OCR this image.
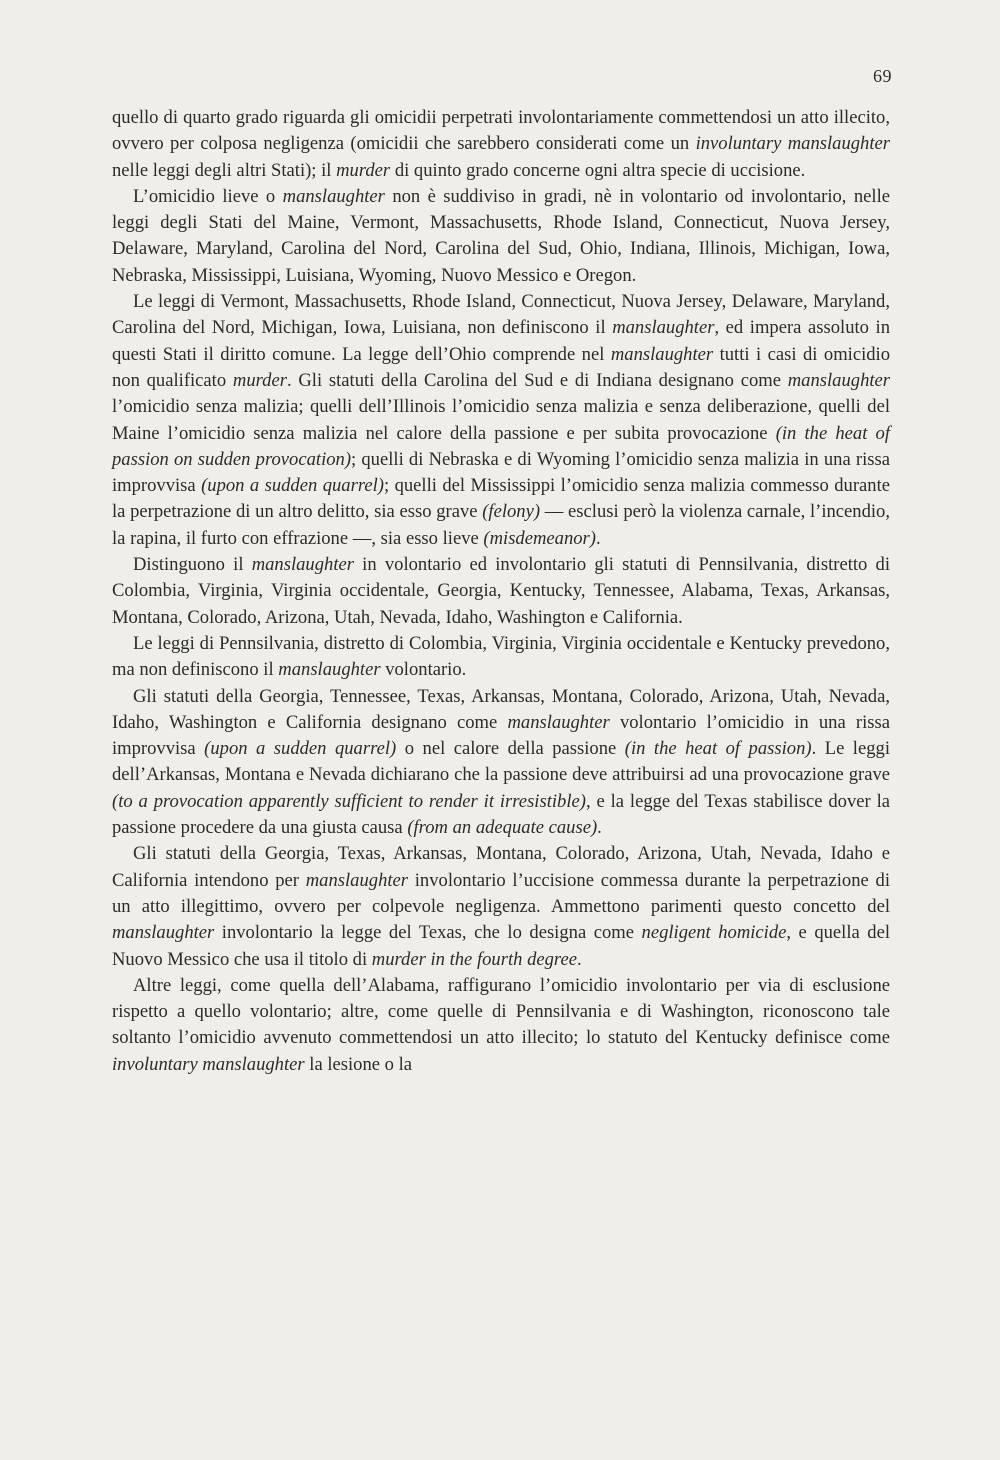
69

quello di quarto grado riguarda gli omicidii perpetrati involontariamente commettendosi un atto illecito, ovvero per colposa negligenza (omicidii che sarebbero considerati come un involuntary manslaughter nelle leggi degli altri Stati); il murder di quinto grado concerne ogni altra specie di uccisione.

L’omicidio lieve o manslaughter non è suddiviso in gradi, nè in volontario od involontario, nelle leggi degli Stati del Maine, Vermont, Massachusetts, Rhode Island, Connecticut, Nuova Jersey, Delaware, Maryland, Carolina del Nord, Carolina del Sud, Ohio, Indiana, Illinois, Michigan, Iowa, Nebraska, Mississippi, Luisiana, Wyoming, Nuovo Messico e Oregon.

Le leggi di Vermont, Massachusetts, Rhode Island, Connecticut, Nuova Jersey, Delaware, Maryland, Carolina del Nord, Michigan, Iowa, Luisiana, non definiscono il manslaughter, ed impera assoluto in questi Stati il diritto comune. La legge dell’Ohio comprende nel manslaughter tutti i casi di omicidio non qualificato murder. Gli statuti della Carolina del Sud e di Indiana designano come manslaughter l’omicidio senza malizia; quelli dell’Illinois l’omicidio senza malizia e senza deliberazione, quelli del Maine l’omicidio senza malizia nel calore della passione e per subita provocazione (in the heat of passion on sudden provocation); quelli di Nebraska e di Wyoming l’omicidio senza malizia in una rissa improvvisa (upon a sudden quarrel); quelli del Mississippi l’omicidio senza malizia commesso durante la perpetrazione di un altro delitto, sia esso grave (felony) — esclusi però la violenza carnale, l’incendio, la rapina, il furto con effrazione —, sia esso lieve (misdemeanor).

Distinguono il manslaughter in volontario ed involontario gli statuti di Pennsilvania, distretto di Colombia, Virginia, Virginia occidentale, Georgia, Kentucky, Tennessee, Alabama, Texas, Arkansas, Montana, Colorado, Arizona, Utah, Nevada, Idaho, Washington e California.

Le leggi di Pennsilvania, distretto di Colombia, Virginia, Virginia occidentale e Kentucky prevedono, ma non definiscono il manslaughter volontario.

Gli statuti della Georgia, Tennessee, Texas, Arkansas, Montana, Colorado, Arizona, Utah, Nevada, Idaho, Washington e California designano come manslaughter volontario l’omicidio in una rissa improvvisa (upon a sudden quarrel) o nel calore della passione (in the heat of passion). Le leggi dell’Arkansas, Montana e Nevada dichiarano che la passione deve attribuirsi ad una provocazione grave (to a provocation apparently sufficient to render it irresistible), e la legge del Texas stabilisce dover la passione procedere da una giusta causa (from an adequate cause).

Gli statuti della Georgia, Texas, Arkansas, Montana, Colorado, Arizona, Utah, Nevada, Idaho e California intendono per manslaughter involontario l’uccisione commessa durante la perpetrazione di un atto illegittimo, ovvero per colpevole negligenza. Ammettono parimenti questo concetto del manslaughter involontario la legge del Texas, che lo designa come negligent homicide, e quella del Nuovo Messico che usa il titolo di murder in the fourth degree.

Altre leggi, come quella dell’Alabama, raffigurano l’omicidio involontario per via di esclusione rispetto a quello volontario; altre, come quelle di Pennsilvania e di Washington, riconoscono tale soltanto l’omicidio avvenuto commettendosi un atto illecito; lo statuto del Kentucky definisce come involuntary manslaughter la lesione o la
